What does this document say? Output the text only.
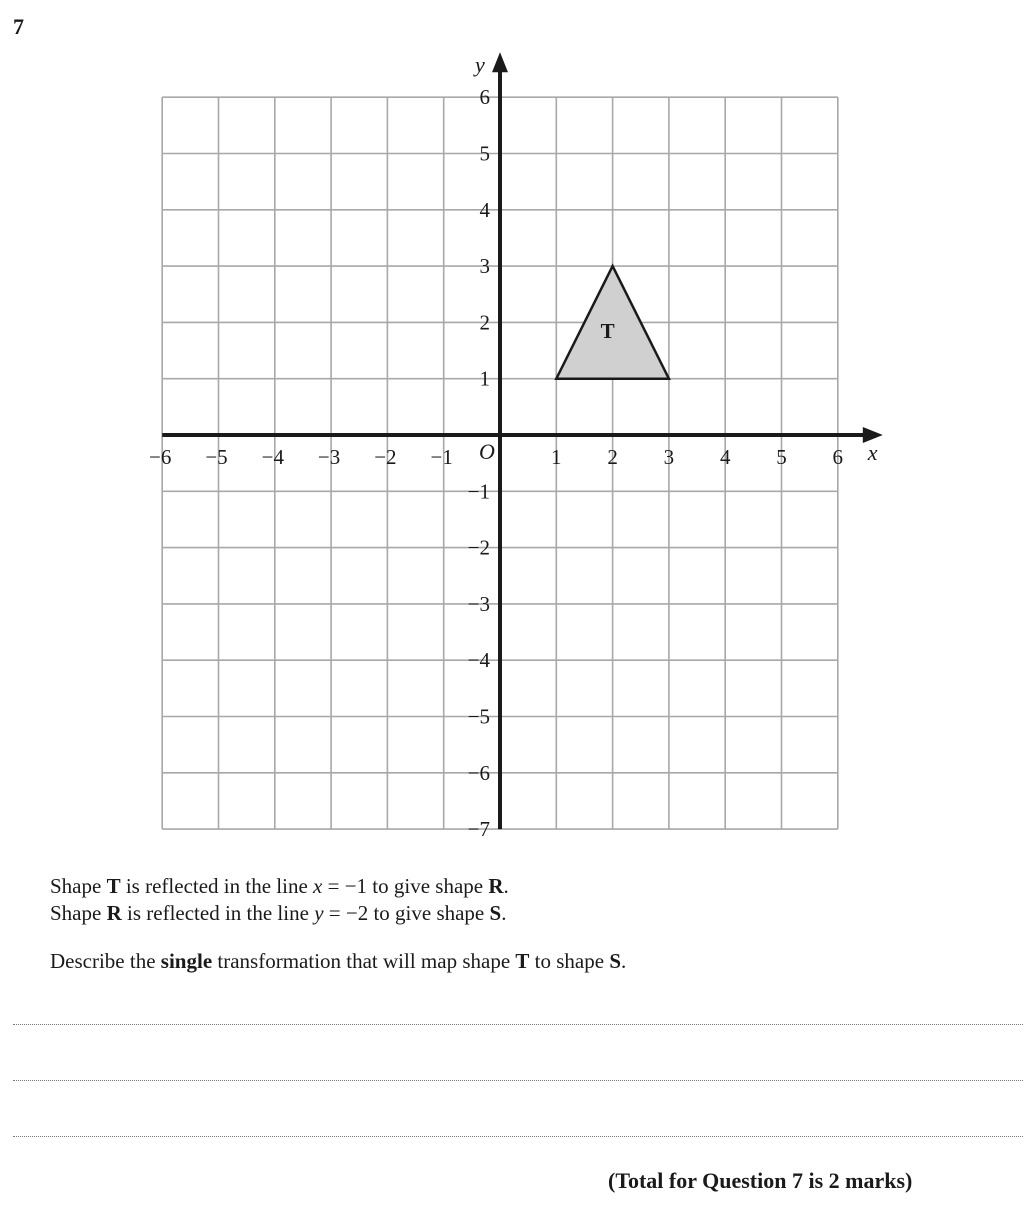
7
T
−6 −5 −4 −3 −2 −1	1 2 3 4 5 6
6
5
4
3
2
1
−1
−2
−3
−4
−5
−6
−7
x
y
O
Shape T is reflected in the line x = −1 to give shape R.
Shape R is reflected in the line y = −2 to give shape S.
Describe the single transformation that will map shape T to shape S.
(Total for Question 7 is 2 marks)
